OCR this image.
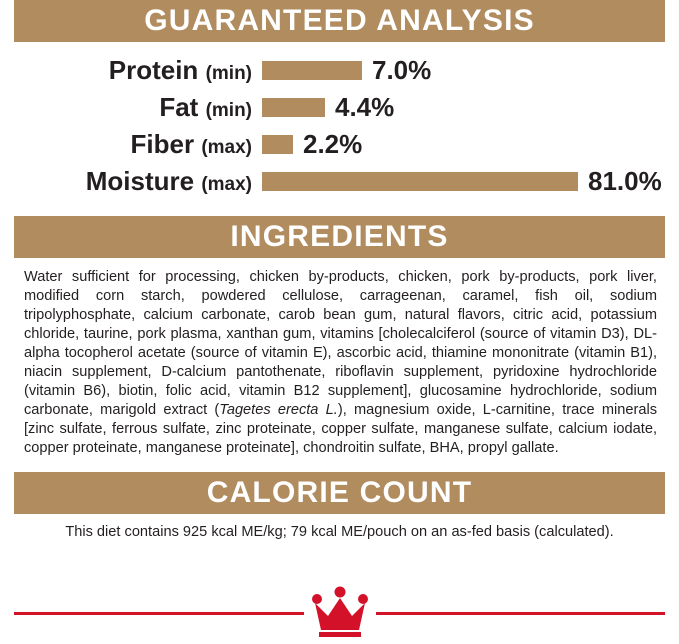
GUARANTEED ANALYSIS
Protein (min)	7.0%
Fat (min)	4.4%
Fiber (max)	2.2%
Moisture (max)	81.0%
INGREDIENTS
Water sufficient for processing, chicken by-products, chicken, pork by-products, pork liver, modified corn starch, powdered cellulose, carrageenan, caramel, fish oil, sodium tripolyphosphate, calcium carbonate, carob bean gum, natural flavors, citric acid, potassium chloride, taurine, pork plasma, xanthan gum, vitamins [cholecalciferol (source of vitamin D3), DL-alpha tocopherol acetate (source of vitamin E), ascorbic acid, thiamine mononitrate (vitamin B1), niacin supplement, D-calcium pantothenate, riboflavin supplement, pyridoxine hydrochloride (vitamin B6), biotin, folic acid, vitamin B12 supplement], glucosamine hydrochloride, sodium carbonate, marigold extract (Tagetes erecta L.), magnesium oxide, L-carnitine, trace minerals [zinc sulfate, ferrous sulfate, zinc proteinate, copper sulfate, manganese sulfate, calcium iodate, copper proteinate, manganese proteinate], chondroitin sulfate, BHA, propyl gallate.
CALORIE COUNT
This diet contains 925 kcal ME/kg; 79 kcal ME/pouch on an as-fed basis (calculated).
